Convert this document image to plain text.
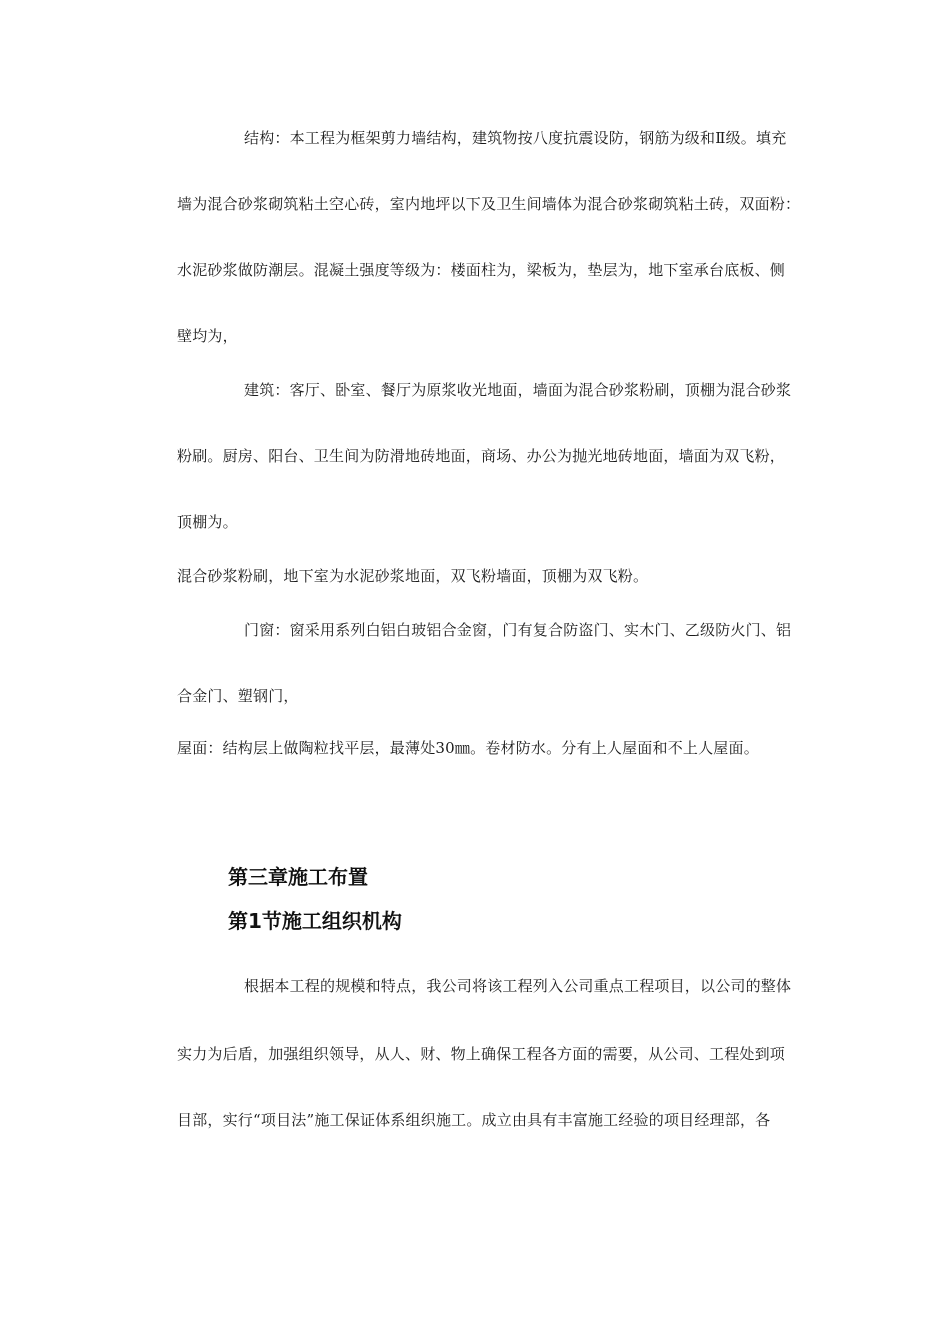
结构：本工程为框架剪力墙结构，建筑物按八度抗震设防，钢筋为级和Ⅱ级。填充
墙为混合砂浆砌筑粘土空心砖，室内地坪以下及卫生间墙体为混合砂浆砌筑粘土砖，双面粉：
水泥砂浆做防潮层。混凝土强度等级为：楼面柱为，梁板为，垫层为，地下室承台底板、侧
壁均为，
建筑：客厅、卧室、餐厅为原浆收光地面，墙面为混合砂浆粉刷，顶棚为混合砂浆
粉刷。厨房、阳台、卫生间为防滑地砖地面，商场、办公为抛光地砖地面，墙面为双飞粉，
顶棚为。
混合砂浆粉刷，地下室为水泥砂浆地面，双飞粉墙面，顶棚为双飞粉。
门窗：窗采用系列白铝白玻铝合金窗，门有复合防盗门、实木门、乙级防火门、铝
合金门、塑钢门，
屋面：结构层上做陶粒找平层，最薄处30㎜。卷材防水。分有上人屋面和不上人屋面。
第三章施工布置
第1节施工组织机构
根据本工程的规模和特点，我公司将该工程列入公司重点工程项目，以公司的整体
实力为后盾，加强组织领导，从人、财、物上确保工程各方面的需要，从公司、工程处到项
目部，实行“项目法”施工保证体系组织施工。成立由具有丰富施工经验的项目经理部，各
